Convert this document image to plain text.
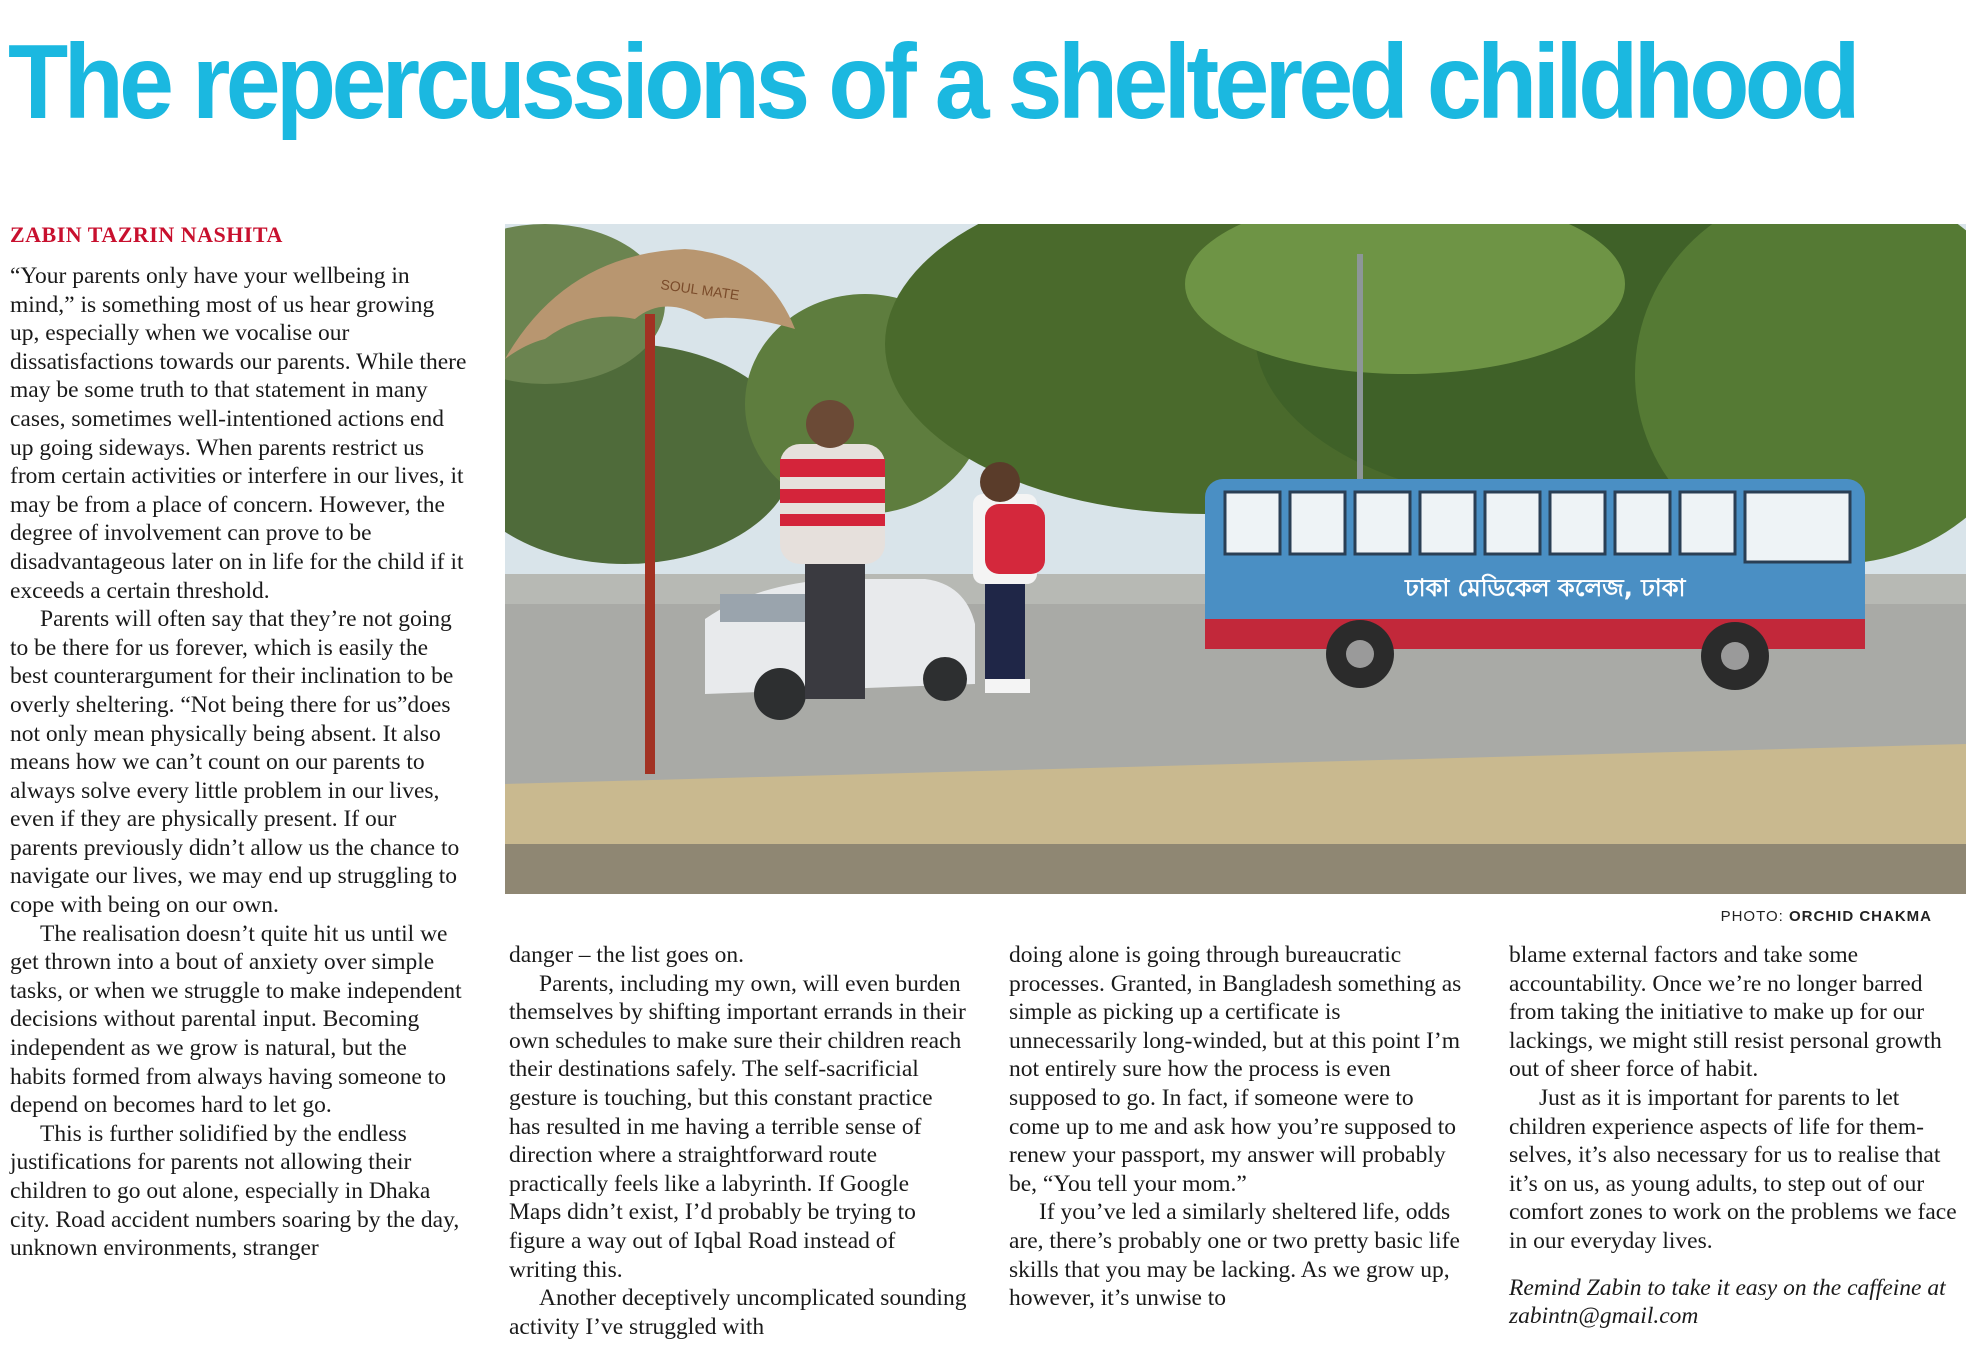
The repercussions of a sheltered childhood
ZABIN TAZRIN NASHITA
ঢাকা মেডিকেল কলেজ, ঢাকা
SOUL MATE
PHOTO: ORCHID CHAKMA

“Your parents only have your wellbeing in mind,” is something most of us hear growing up, especially when we vocalise our dissatisfactions towards our parents. While there may be some truth to that statement in many cases, sometimes well-intentioned actions end up going sideways. When parents restrict us from certain activities or interfere in our lives, it may be from a place of concern. However, the degree of involvement can prove to be disadvantageous later on in life for the child if it exceeds a certain threshold.

Parents will often say that they’re not going to be there for us forever, which is easily the best counterargument for their inclination to be overly sheltering. “Not being there for us”does not only mean physically being absent. It also means how we can’t count on our parents to always solve every little problem in our lives, even if they are physically present. If our parents previously didn’t allow us the chance to navigate our lives, we may end up struggling to cope with being on our own.

The realisation doesn’t quite hit us until we get thrown into a bout of anxiety over simple tasks, or when we struggle to make independent decisions without parental input. Becoming independent as we grow is natural, but the habits formed from always having someone to depend on becomes hard to let go.

This is further solidified by the endless justifications for parents not allowing their children to go out alone, especially in Dhaka city. Road accident numbers soaring by the day, unknown environments, stranger

danger – the list goes on.

Parents, including my own, will even burden themselves by shifting important errands in their own schedules to make sure their children reach their destinations safely. The self-sacrificial gesture is touching, but this constant practice has resulted in me having a terrible sense of direction where a straightforward route practically feels like a labyrinth. If Google Maps didn’t exist, I’d probably be trying to figure a way out of Iqbal Road instead of writing this.

Another deceptively uncomplicated sounding activity I’ve struggled with

doing alone is going through bureaucratic processes. Granted, in Bangladesh something as simple as picking up a certificate is unnecessarily long-winded, but at this point I’m not entirely sure how the process is even supposed to go. In fact, if someone were to come up to me and ask how you’re supposed to renew your passport, my answer will probably be, “You tell your mom.”

If you’ve led a similarly sheltered life, odds are, there’s probably one or two pretty basic life skills that you may be lacking. As we grow up, however, it’s unwise to

blame external factors and take some accountability. Once we’re no longer barred from taking the initiative to make up for our lackings, we might still resist personal growth out of sheer force of habit.

Just as it is important for parents to let children experience aspects of life for themselves, it’s also necessary for us to realise that it’s on us, as young adults, to step out of our comfort zones to work on the problems we face in our everyday lives.

Remind Zabin to take it easy on the caffeine at zabintn@gmail.com
